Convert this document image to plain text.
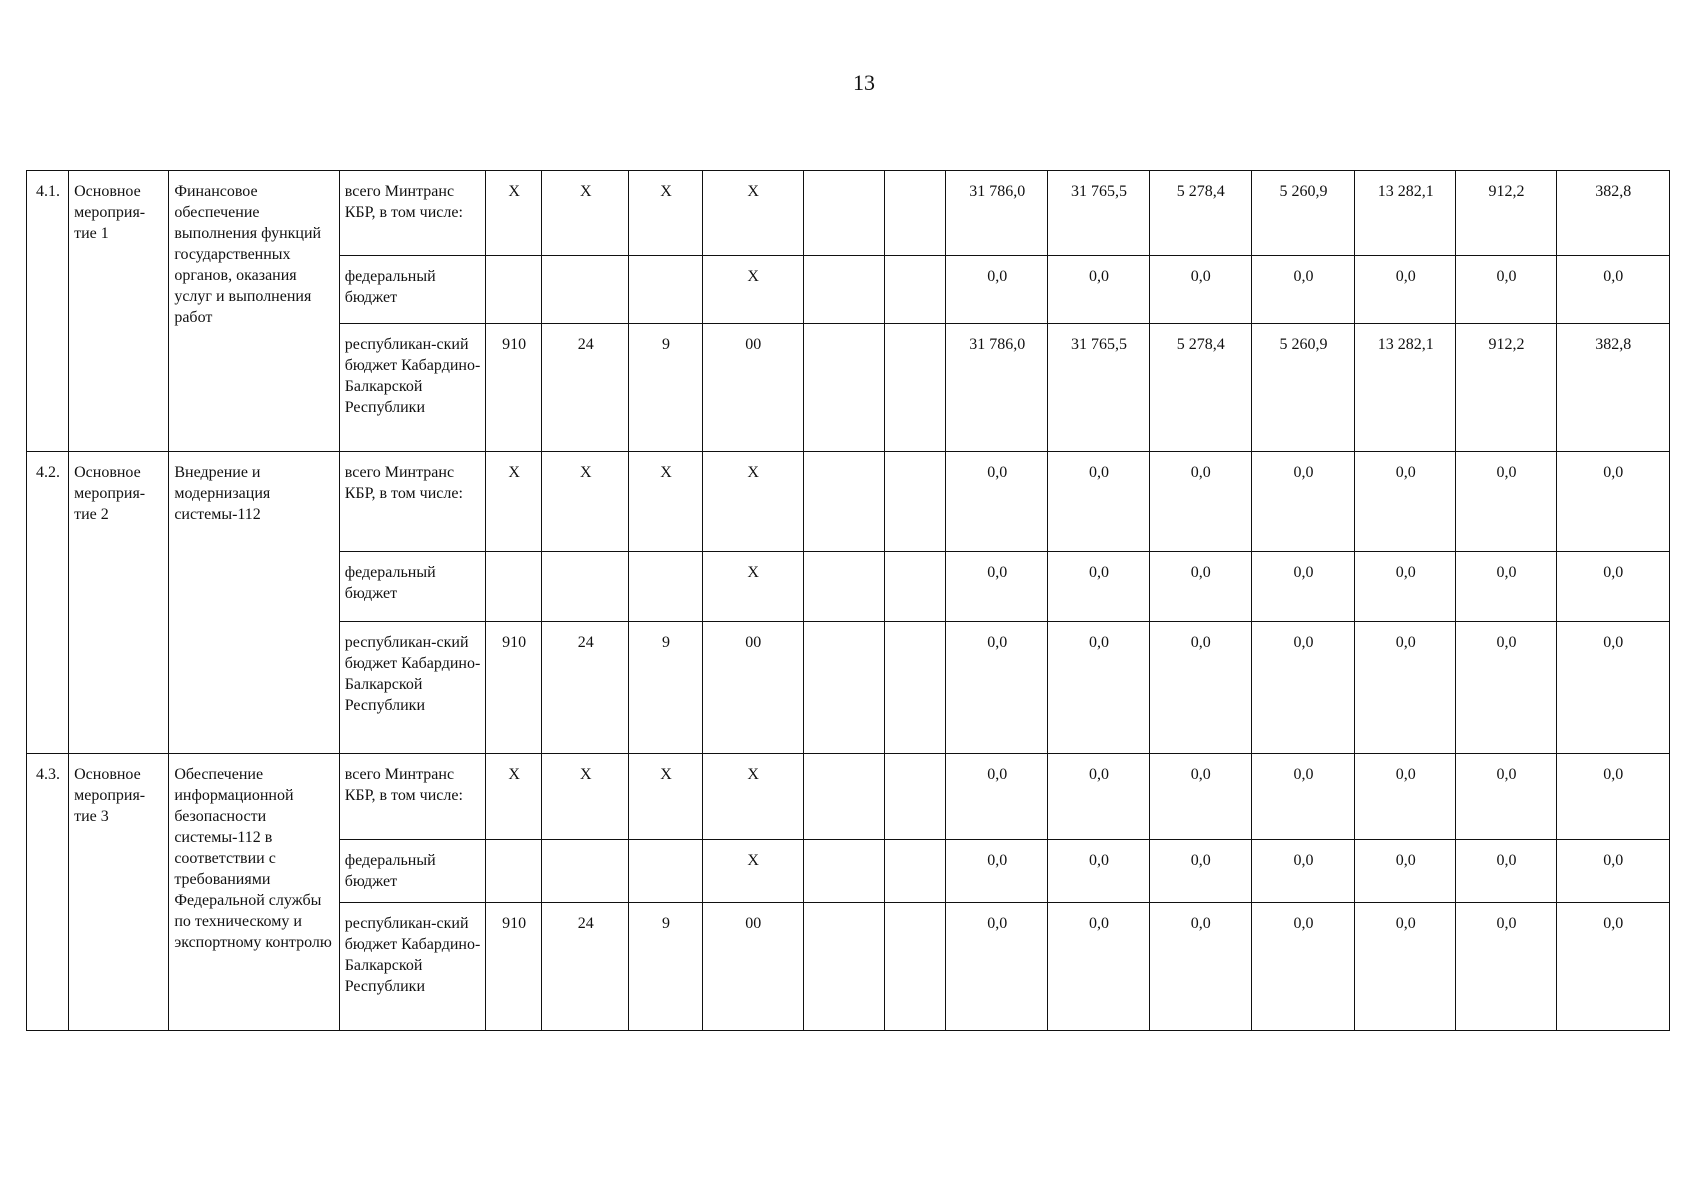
13
4.1.	Основное мероприя-тие 1	Финансовое обеспечение выполнения функций государственных органов, оказания услуг и выполнения работ	всего Минтранс КБР, в том числе:	X	X	X	X			31 786,0	31 765,5	5 278,4	5 260,9	13 282,1	912,2	382,8
			федеральный бюджет				X			0,0	0,0	0,0	0,0	0,0	0,0	0,0
			республикан-ский бюджет Кабардино-Балкарской Республики	910	24	9	00			31 786,0	31 765,5	5 278,4	5 260,9	13 282,1	912,2	382,8
4.2.	Основное мероприя-тие 2	Внедрение и модернизация системы-112	всего Минтранс КБР, в том числе:	X	X	X	X			0,0	0,0	0,0	0,0	0,0	0,0	0,0
			федеральный бюджет				X			0,0	0,0	0,0	0,0	0,0	0,0	0,0
			республикан-ский бюджет Кабардино-Балкарской Республики	910	24	9	00			0,0	0,0	0,0	0,0	0,0	0,0	0,0
4.3.	Основное мероприя-тие 3	Обеспечение информационной безопасности системы-112 в соответствии с требованиями Федеральной службы по техническому и экспортному контролю	всего Минтранс КБР, в том числе:	X	X	X	X			0,0	0,0	0,0	0,0	0,0	0,0	0,0
			федеральный бюджет				X			0,0	0,0	0,0	0,0	0,0	0,0	0,0
			республикан-ский бюджет Кабардино-Балкарской Республики	910	24	9	00			0,0	0,0	0,0	0,0	0,0	0,0	0,0
